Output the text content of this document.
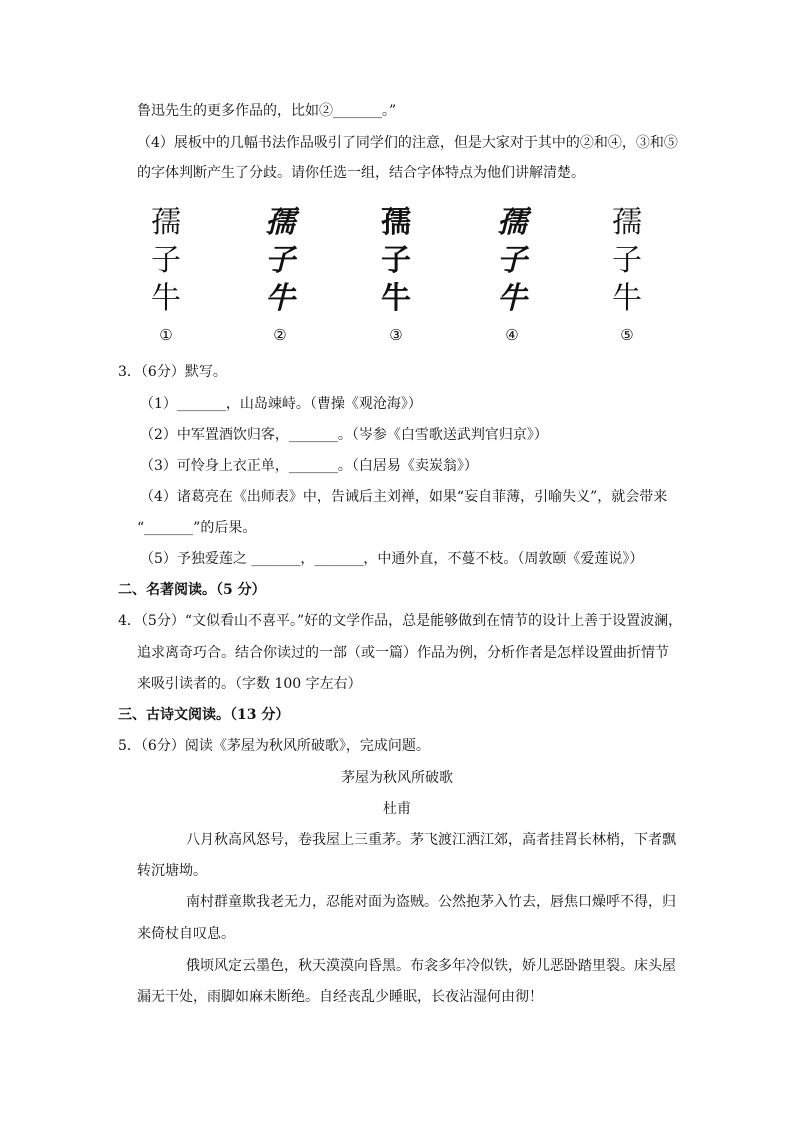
鲁迅先生的更多作品的，比如②_______。”
（4）展板中的几幅书法作品吸引了同学们的注意，但是大家对于其中的②和④，③和⑤
的字体判断产生了分歧。请你任选一组，结合字体特点为他们讲解清楚。
孺
子
牛
①
孺
子
牛
②
孺
子
牛
③
孺
子
牛
④
孺
子
牛
⑤
3．（6分）默写。
（1）_______，山岛竦峙。（曹操《观沧海》）
（2）中军置酒饮归客，_______。（岑参《白雪歌送武判官归京》）
（3）可怜身上衣正单，_______。（白居易《卖炭翁》）
（4）诸葛亮在《出师表》中，告诫后主刘禅，如果“妄自菲薄，引喻失义”，就会带来
“_______”的后果。
（5）予独爱莲之 _______，_______，中通外直，不蔓不枝。（周敦颐《爱莲说》）
二、名著阅读。（5 分）
4．（5分）“文似看山不喜平。”好的文学作品，总是能够做到在情节的设计上善于设置波澜，
追求离奇巧合。结合你读过的一部（或一篇）作品为例，分析作者是怎样设置曲折情节
来吸引读者的。（字数 100 字左右）
三、古诗文阅读。（13 分）
5．（6分）阅读《茅屋为秋风所破歌》，完成问题。
茅屋为秋风所破歌
杜甫
八月秋高风怒号，卷我屋上三重茅。茅飞渡江洒江郊，高者挂罥长林梢，下者飘
转沉塘坳。
南村群童欺我老无力，忍能对面为盗贼。公然抱茅入竹去，唇焦口燥呼不得，归
来倚杖自叹息。
俄顷风定云墨色，秋天漠漠向昏黑。布衾多年冷似铁，娇儿恶卧踏里裂。床头屋
漏无干处，雨脚如麻未断绝。自经丧乱少睡眠，长夜沾湿何由彻！
